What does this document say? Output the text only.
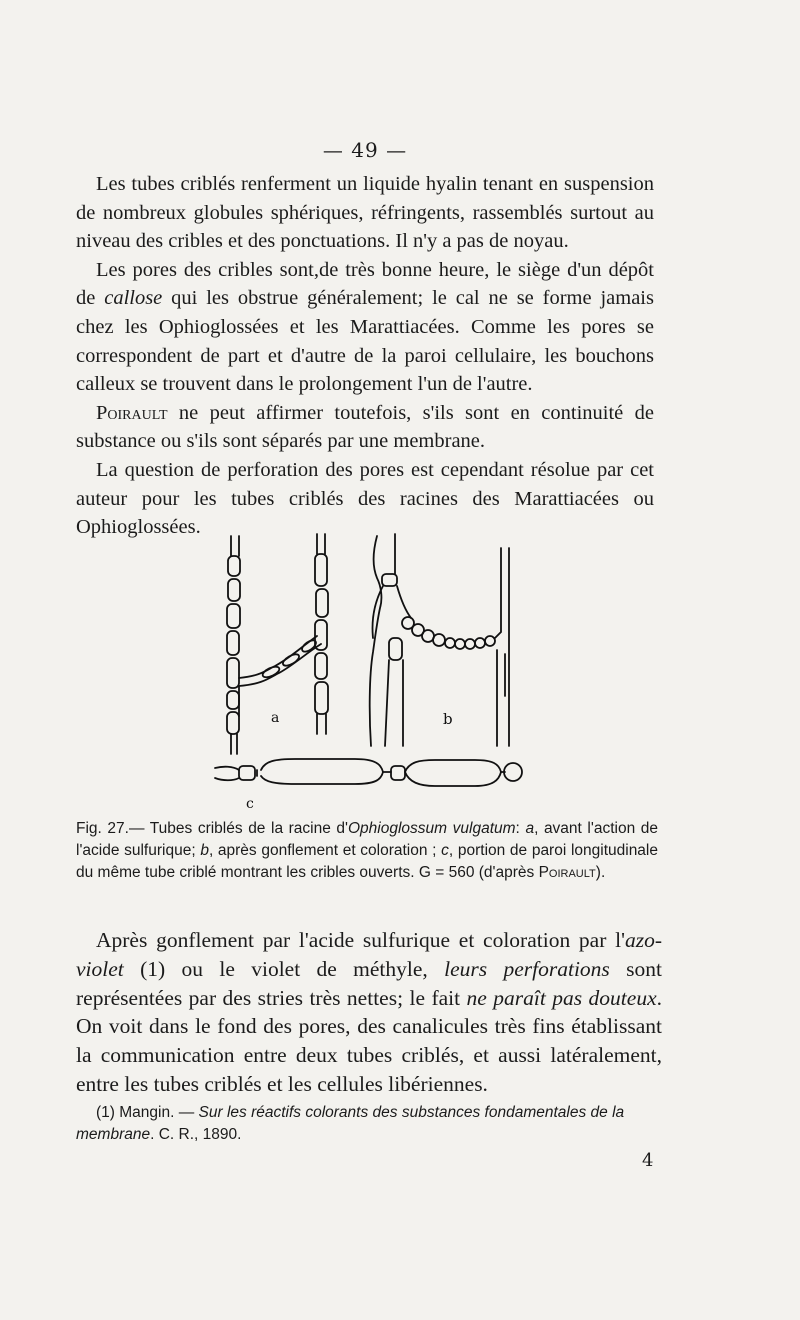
— 49 —

Les tubes criblés renferment un liquide hyalin tenant en suspension de nombreux globules sphériques, réfringents, rassemblés surtout au niveau des cribles et des ponctuations. Il n'y a pas de noyau.

Les pores des cribles sont,de très bonne heure, le siège d'un dépôt de callose qui les obstrue généralement; le cal ne se forme jamais chez les Ophioglossées et les Marattiacées. Comme les pores se correspondent de part et d'autre de la paroi cellulaire, les bouchons calleux se trouvent dans le prolongement l'un de l'autre.

Poirault ne peut affirmer toutefois, s'ils sont en continuité de substance ou s'ils sont séparés par une membrane.

La question de perforation des pores est cependant résolue par cet auteur pour les tubes criblés des racines des Marattiacées ou Ophioglossées.

a	b
c
Fig. 27.— Tubes criblés de la racine d'Ophioglossum vulgatum: a, avant l'action de l'acide sulfurique; b, après gonflement et coloration ; c, portion de paroi longitudinale du même tube criblé montrant les cribles ouverts. G = 560 (d'après Poirault).

Après gonflement par l'acide sulfurique et coloration par l'azo-violet (1) ou le violet de méthyle, leurs perforations sont représentées par des stries très nettes; le fait ne paraît pas douteux. On voit dans le fond des pores, des canalicules très fins établissant la communication entre deux tubes criblés, et aussi latéralement, entre les tubes criblés et les cellules libériennes.

(1) Mangin. — Sur les réactifs colorants des substances fondamentales de la membrane. C. R., 1890.
4
